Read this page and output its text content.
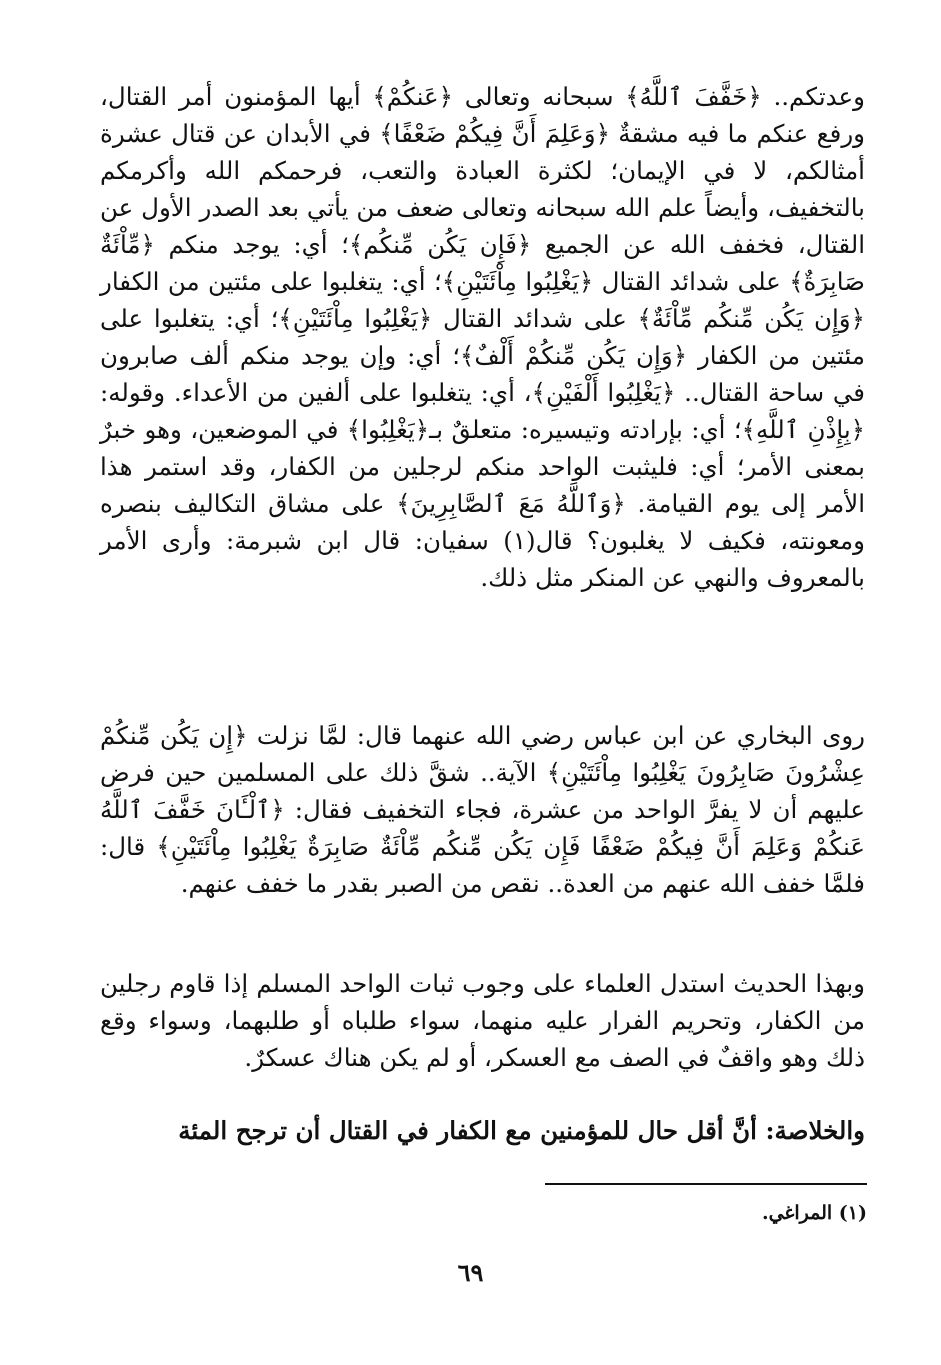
وعدتكم.. ﴿خَفَّفَ ٱللَّهُ﴾ سبحانه وتعالى ﴿عَنكُمْ﴾ أيها المؤمنون أمر القتال، ورفع عنكم ما فيه مشقةٌ ﴿وَعَلِمَ أَنَّ فِيكُمْ ضَعْفًا﴾ في الأبدان عن قتال عشرة أمثالكم، لا في الإيمان؛ لكثرة العبادة والتعب، فرحمكم الله وأكرمكم بالتخفيف، وأيضاً علم الله سبحانه وتعالى ضعف من يأتي بعد الصدر الأول عن القتال، فخفف الله عن الجميع ﴿فَإِن يَكُن مِّنكُم﴾؛ أي: يوجد منكم ﴿مِّاْئَةٌ صَابِرَةٌ﴾ على شدائد القتال ﴿يَغْلِبُوا مِاْئَتَيْنِ﴾؛ أي: يتغلبوا على مئتين من الكفار ﴿وَإِن يَكُن مِّنكُم مِّاْئَةٌ﴾ على شدائد القتال ﴿يَغْلِبُوا مِاْئَتَيْنِ﴾؛ أي: يتغلبوا على مئتين من الكفار ﴿وَإِن يَكُن مِّنكُمْ أَلْفٌ﴾؛ أي: وإن يوجد منكم ألف صابرون في ساحة القتال.. ﴿يَغْلِبُوا أَلْفَيْنِ﴾، أي: يتغلبوا على ألفين من الأعداء. وقوله: ﴿بِإِذْنِ ٱللَّهِ﴾؛ أي: بإرادته وتيسيره: متعلقٌ بـ﴿يَغْلِبُوا﴾ في الموضعين، وهو خبرٌ بمعنى الأمر؛ أي: فليثبت الواحد منكم لرجلين من الكفار، وقد استمر هذا الأمر إلى يوم القيامة. ﴿وَٱللَّهُ مَعَ ٱلصَّابِرِينَ﴾ على مشاق التكاليف بنصره ومعونته، فكيف لا يغلبون؟ قال(١) سفيان: قال ابن شبرمة: وأرى الأمر بالمعروف والنهي عن المنكر مثل ذلك.

روى البخاري عن ابن عباس رضي الله عنهما قال: لمَّا نزلت ﴿إِن يَكُن مِّنكُمْ عِشْرُونَ صَابِرُونَ يَغْلِبُوا مِاْئَتَيْنِ﴾ الآية.. شقَّ ذلك على المسلمين حين فرض عليهم أن لا يفرَّ الواحد من عشرة، فجاء التخفيف فقال: ﴿ٱلْـَٔانَ خَفَّفَ ٱللَّهُ عَنكُمْ وَعَلِمَ أَنَّ فِيكُمْ ضَعْفًا فَإِن يَكُن مِّنكُم مِّاْئَةٌ صَابِرَةٌ يَغْلِبُوا مِاْئَتَيْنِ﴾ قال: فلمَّا خفف الله عنهم من العدة.. نقص من الصبر بقدر ما خفف عنهم.

وبهذا الحديث استدل العلماء على وجوب ثبات الواحد المسلم إذا قاوم رجلين من الكفار، وتحريم الفرار عليه منهما، سواء طلباه أو طلبهما، وسواء وقع ذلك وهو واقفٌ في الصف مع العسكر، أو لم يكن هناك عسكرٌ.

والخلاصة: أنَّ أقل حال للمؤمنين مع الكفار في القتال أن ترجح المئة

(١) المراغي.
٦٩
